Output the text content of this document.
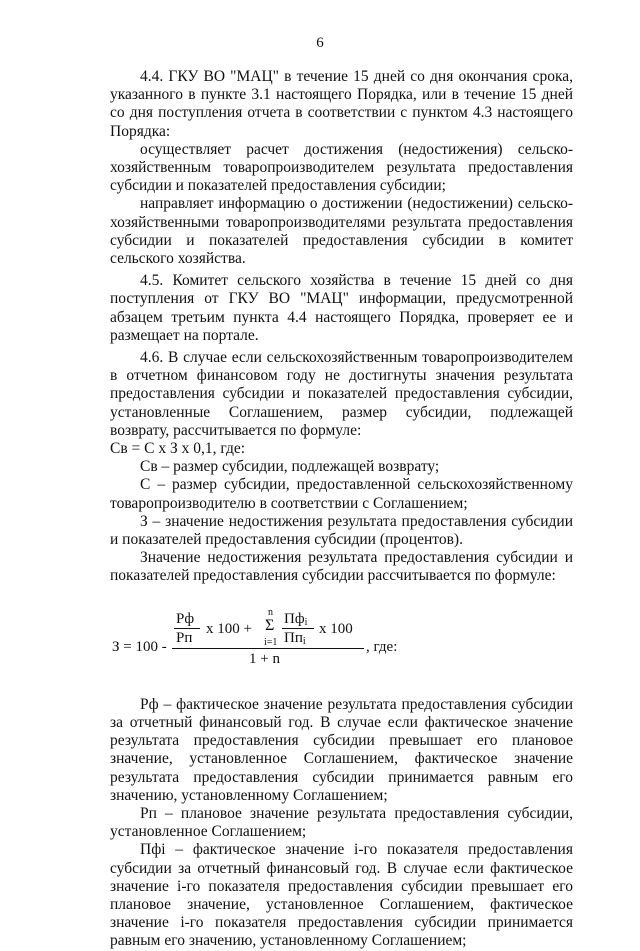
6

4.4. ГКУ ВО "МАЦ" в течение 15 дней со дня окончания срока, указанного в пункте 3.1 настоящего Порядка, или в течение 15 дней со дня поступления отчета в соответствии с пунктом 4.3 настоящего Порядка:

осуществляет расчет достижения (недостижения) сельско-хозяйственным товаропроизводителем результата предоставления субсидии и показателей предоставления субсидии;

направляет информацию о достижении (недостижении) сельско-хозяйственными товаропроизводителями результата предоставления субсидии и показателей предоставления субсидии в комитет сельского хозяйства.

4.5. Комитет сельского хозяйства в течение 15 дней со дня поступления от ГКУ ВО "МАЦ" информации, предусмотренной абзацем третьим пункта 4.4 настоящего Порядка, проверяет ее и размещает на портале.

4.6. В случае если сельскохозяйственным товаропроизводителем в отчетном финансовом году не достигнуты значения результата предоставления субсидии и показателей предоставления субсидии, установленные Соглашением, размер субсидии, подлежащей возврату, рассчитывается по формуле:

Св = С х З х 0,1, где:

Св – размер субсидии, подлежащей возврату;

С – размер субсидии, предоставленной сельскохозяйственному товаропроизводителю в соответствии с Соглашением;

З – значение недостижения результата предоставления субсидии и показателей предоставления субсидии (процентов).

Значение недостижения результата предоставления субсидии и показателей предоставления субсидии рассчитывается по формуле:

З = 100 -
Рф
Рп
x 100 +
n
Σ
i=1
$Пф_i$
$Пп_i$
x 100
1 + n
, где:

Рф – фактическое значение результата предоставления субсидии за отчетный финансовый год. В случае если фактическое значение результата предоставления субсидии превышает его плановое значение, установленное Соглашением, фактическое значение результата предоставления субсидии принимается равным его значению, установленному Соглашением;

Рп – плановое значение результата предоставления субсидии, установленное Соглашением;

Пфi – фактическое значение i-го показателя предоставления субсидии за отчетный финансовый год. В случае если фактическое значение i-го показателя предоставления субсидии превышает его плановое значение, установленное Соглашением, фактическое значение i-го показателя предоставления субсидии принимается равным его значению, установленному Соглашением;
